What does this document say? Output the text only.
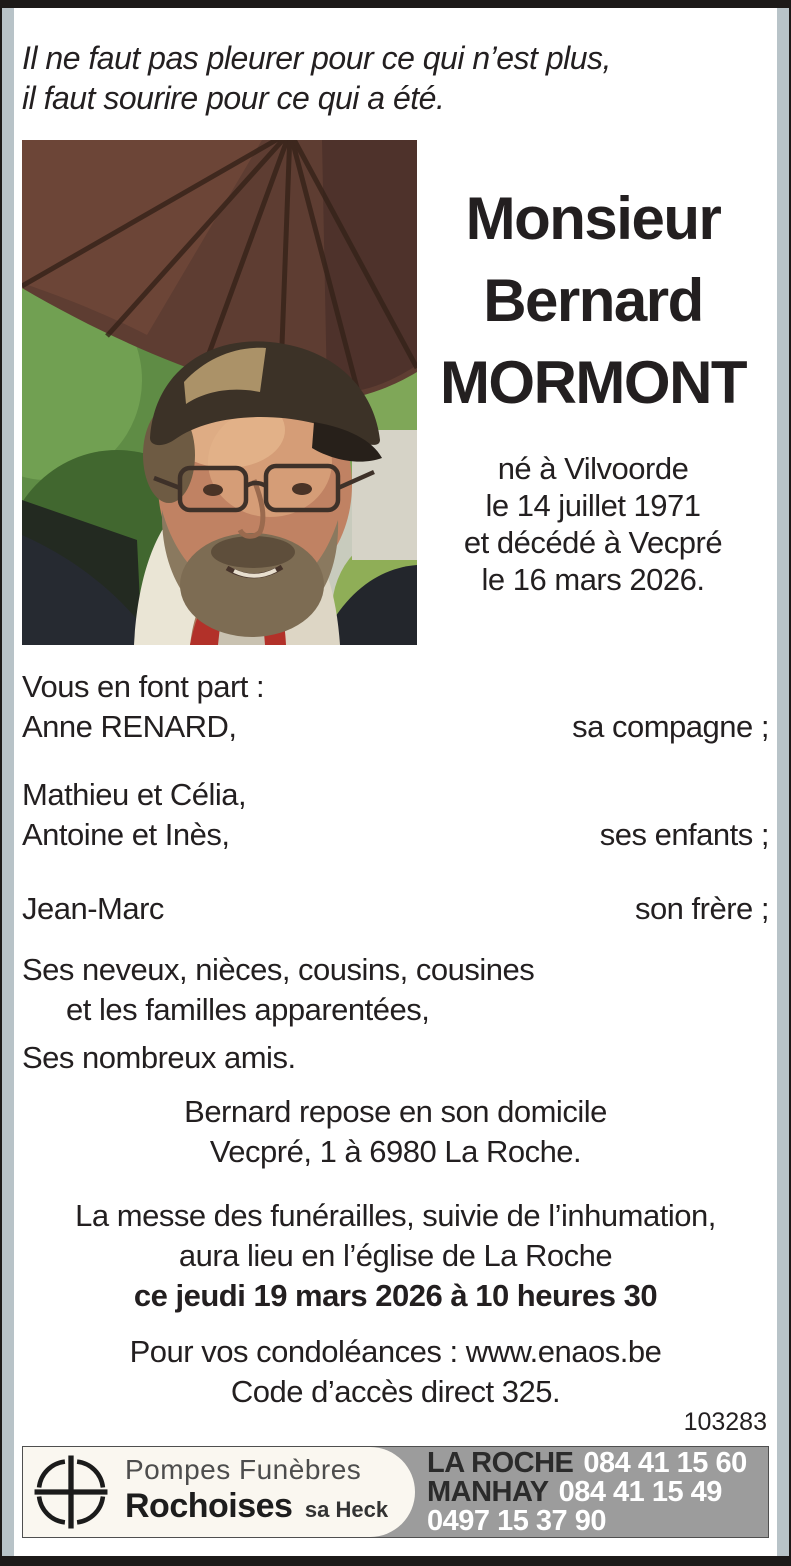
Il ne faut pas pleurer pour ce qui n’est plus,
il faut sourire pour ce qui a été.
Monsieur
Bernard
MORMONT
né à Vilvoorde
le 14 juillet 1971
et décédé à Vecpré
le 16 mars 2026.
Vous en font part :
Anne RENARD,	sa compagne ;
Mathieu et Célia,
Antoine et Inès,	ses enfants ;
Jean-Marc	son frère ;
Ses neveux, nièces, cousins, cousines
et les familles apparentées,
Ses nombreux amis.
Bernard repose en son domicile
Vecpré, 1 à 6980 La Roche.
La messe des funérailles, suivie de l’inhumation,
aura lieu en l’église de La Roche
ce jeudi 19 mars 2026 à 10 heures 30
Pour vos condoléances : www.enaos.be
Code d’accès direct 325.
103283
Pompes Funèbres
Rochoises sa Heck
LA ROCHE 084 41 15 60
MANHAY 084 41 15 49
0497 15 37 90
